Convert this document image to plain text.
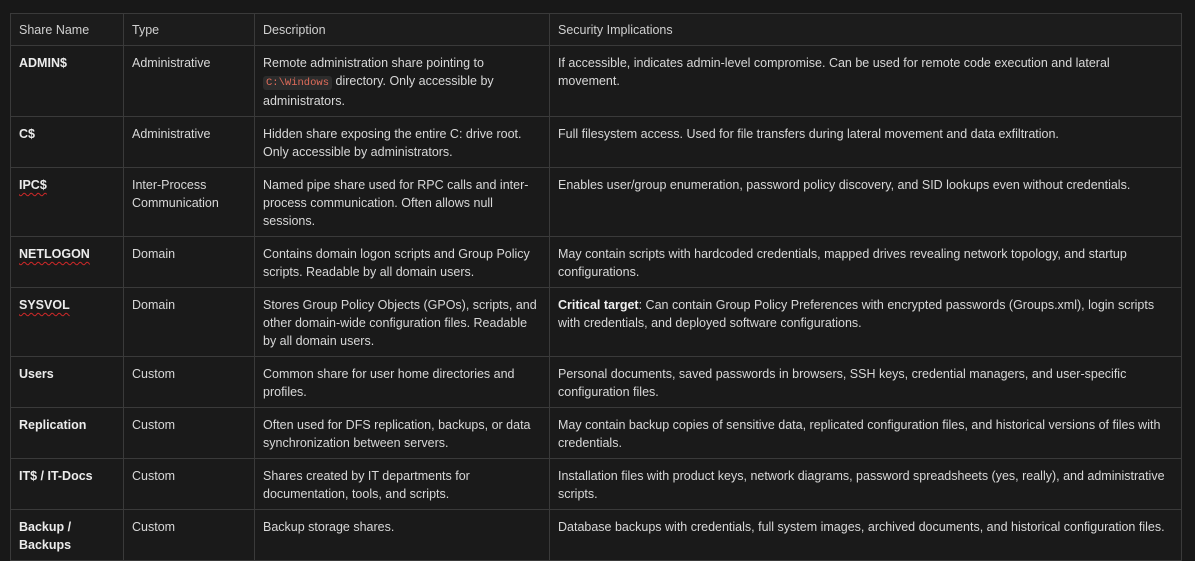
Share Name	Type	Description	Security Implications
ADMIN$	Administrative	Remote administration share pointing to C:\Windows directory. Only accessible by administrators.	If accessible, indicates admin-level compromise. Can be used for remote code execution and lateral movement.
C$	Administrative	Hidden share exposing the entire C: drive root. Only accessible by administrators.	Full filesystem access. Used for file transfers during lateral movement and data exfiltration.
IPC$	Inter-Process Communication	Named pipe share used for RPC calls and inter-process communication. Often allows null sessions.	Enables user/group enumeration, password policy discovery, and SID lookups even without credentials.
NETLOGON	Domain	Contains domain logon scripts and Group Policy scripts. Readable by all domain users.	May contain scripts with hardcoded credentials, mapped drives revealing network topology, and startup configurations.
SYSVOL	Domain	Stores Group Policy Objects (GPOs), scripts, and other domain-wide configuration files. Readable by all domain users.	Critical target: Can contain Group Policy Preferences with encrypted passwords (Groups.xml), login scripts with credentials, and deployed software configurations.
Users	Custom	Common share for user home directories and profiles.	Personal documents, saved passwords in browsers, SSH keys, credential managers, and user-specific configuration files.
Replication	Custom	Often used for DFS replication, backups, or data synchronization between servers.	May contain backup copies of sensitive data, replicated configuration files, and historical versions of files with credentials.
IT$ / IT-Docs	Custom	Shares created by IT departments for documentation, tools, and scripts.	Installation files with product keys, network diagrams, password spreadsheets (yes, really), and administrative scripts.
Backup / Backups	Custom	Backup storage shares.	Database backups with credentials, full system images, archived documents, and historical configuration files.
